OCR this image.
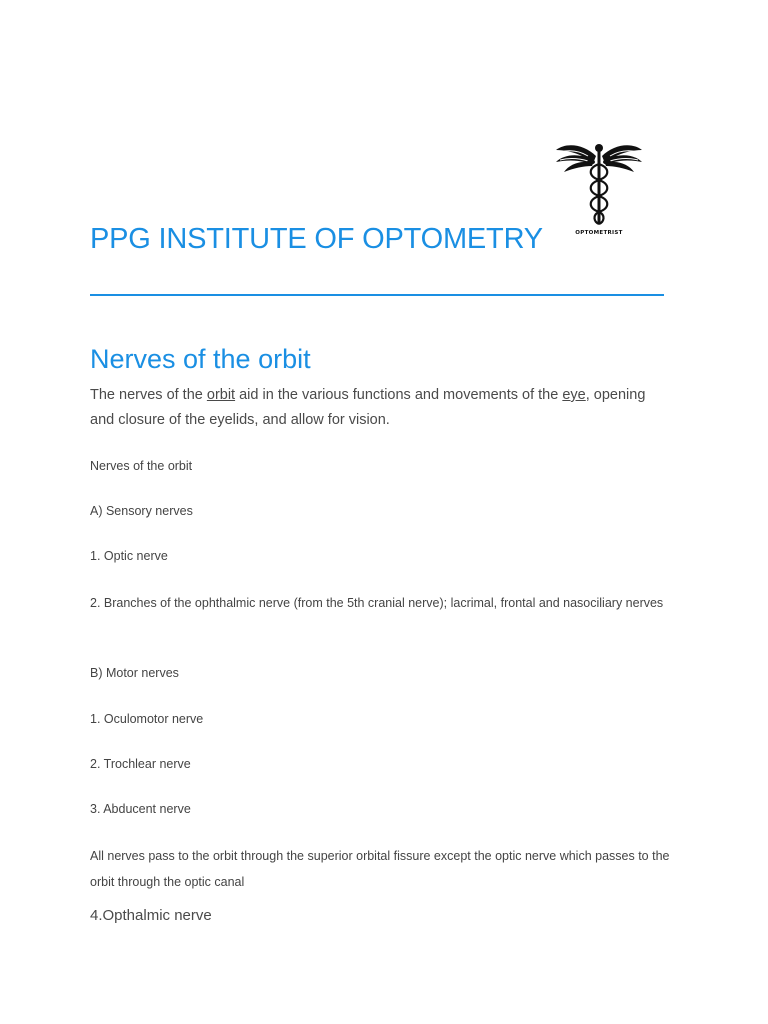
OPTOMETRIST
PPG INSTITUTE OF OPTOMETRY
Nerves of the orbit

The nerves of the orbit aid in the various functions and movements of the eye, opening and closure of the eyelids, and allow for vision.

Nerves of the orbit

A) Sensory nerves

1. Optic nerve

2. Branches of the ophthalmic nerve (from the 5th cranial nerve); lacrimal, frontal and nasociliary nerves

B) Motor nerves

1. Oculomotor nerve

2. Trochlear nerve

3. Abducent nerve

All nerves pass to the orbit through the superior orbital fissure except the optic nerve which passes to the orbit through the optic canal

4.Opthalmic nerve
